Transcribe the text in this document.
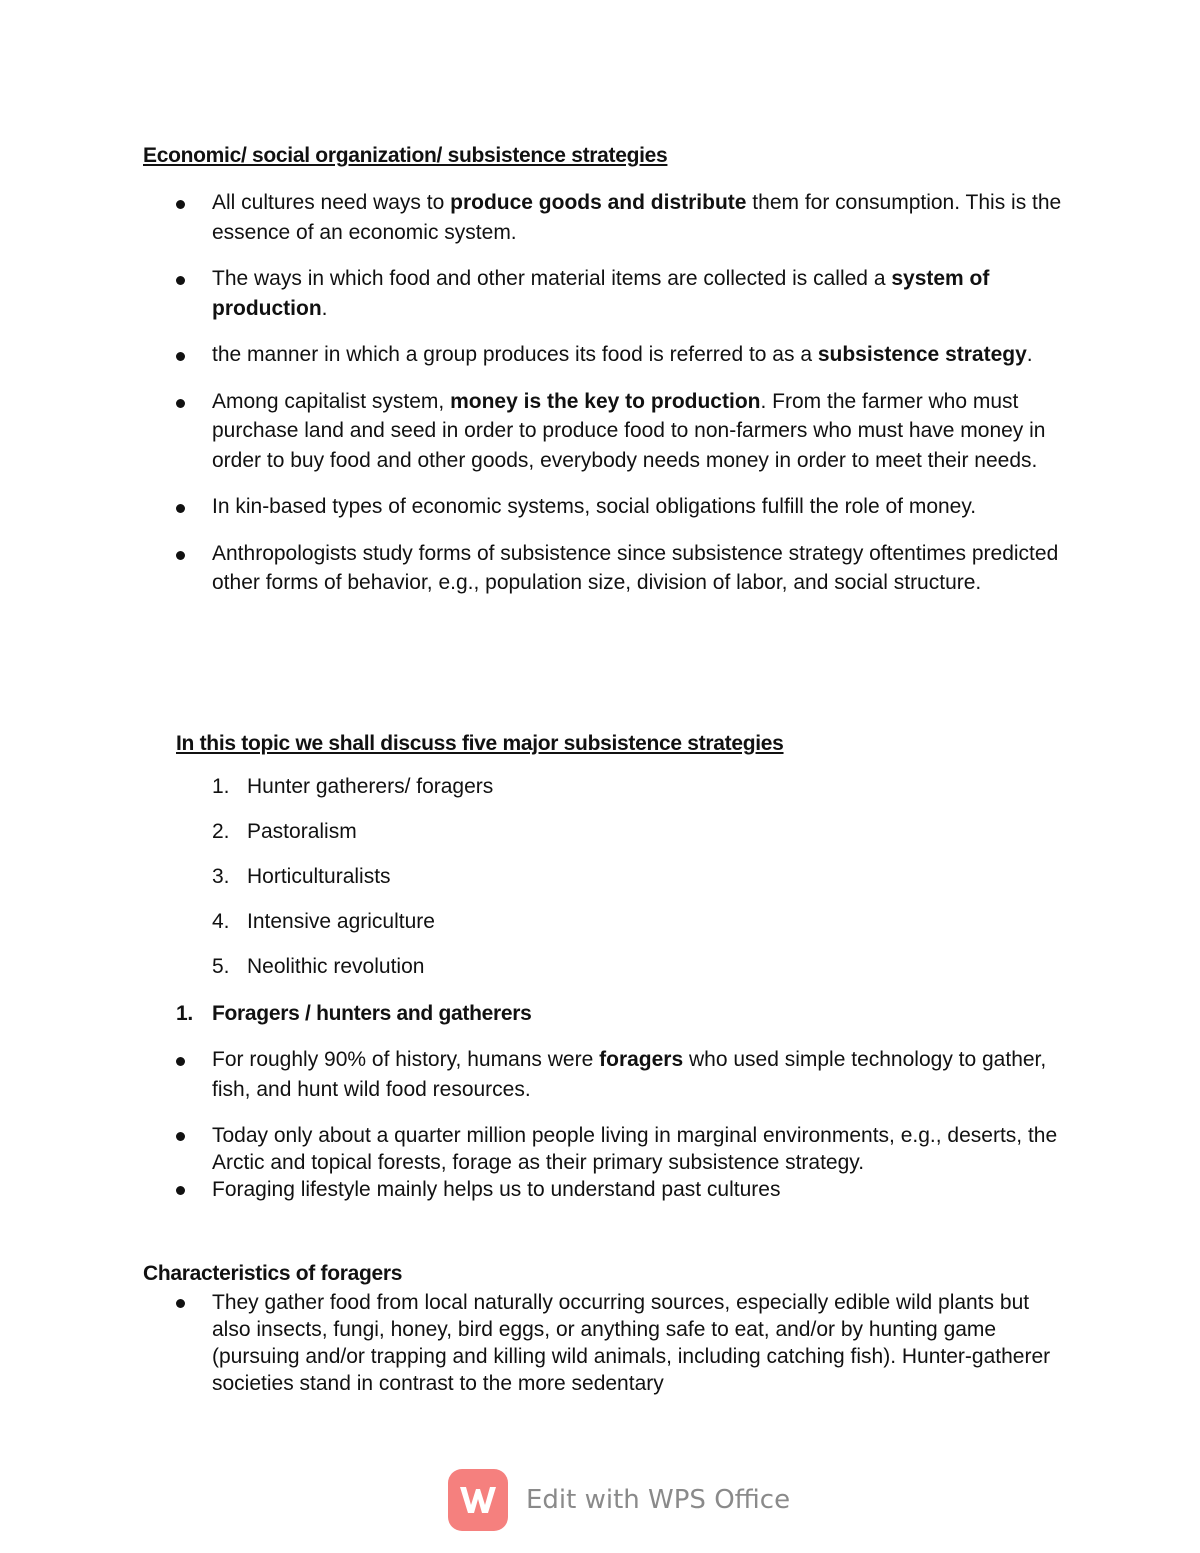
Economic/ social organization/ subsistence strategies
All cultures need ways to produce goods and distribute them for consumption. This is the essence of an economic system.
The ways in which food and other material items are collected is called a system of production.
the manner in which a group produces its food is referred to as a subsistence strategy.
Among capitalist system, money is the key to production. From the farmer who must purchase land and seed in order to produce food to non-farmers who must have money in order to buy food and other goods, everybody needs money in order to meet their needs.
In kin-based types of economic systems, social obligations fulfill the role of money.
Anthropologists study forms of subsistence since subsistence strategy oftentimes predicted other forms of behavior, e.g., population size, division of labor, and social structure.
In this topic we shall discuss five major subsistence strategies
1. Hunter gatherers/ foragers
2. Pastoralism
3. Horticulturalists
4. Intensive agriculture
5. Neolithic revolution
1. Foragers / hunters and gatherers
For roughly 90% of history, humans were foragers who used simple technology to gather, fish, and hunt wild food resources.
Today only about a quarter million people living in marginal environments, e.g., deserts, the Arctic and topical forests, forage as their primary subsistence strategy.
Foraging lifestyle mainly helps us to understand past cultures
Characteristics of foragers
They gather food from local naturally occurring sources, especially edible wild plants but also insects, fungi, honey, bird eggs, or anything safe to eat, and/or by hunting game (pursuing and/or trapping and killing wild animals, including catching fish). Hunter-gatherer societies stand in contrast to the more sedentary
Edit with WPS Office
